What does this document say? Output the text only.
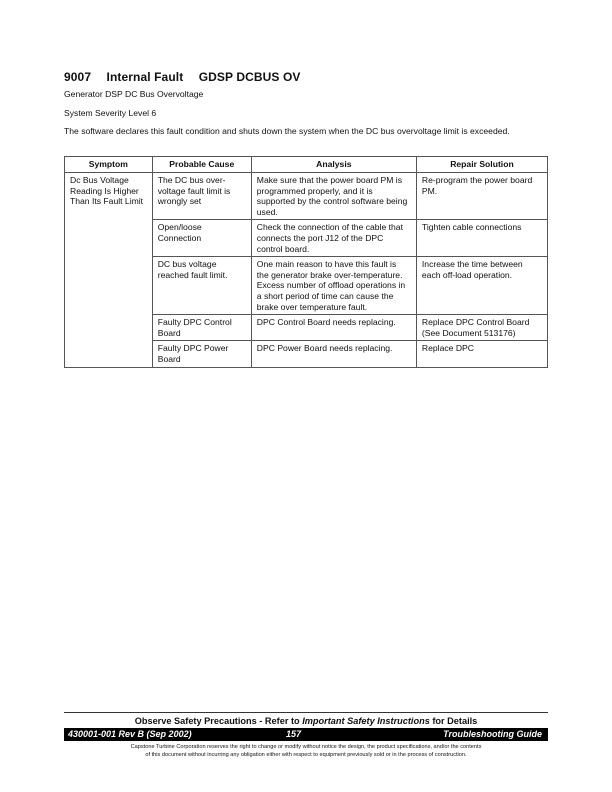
9007 Internal Fault GDSP DCBUS OV
Generator DSP DC Bus Overvoltage
System Severity Level 6
The software declares this fault condition and shuts down the system when the DC bus overvoltage limit is exceeded.
Symptom	Probable Cause	Analysis	Repair Solution
Dc Bus Voltage Reading Is Higher Than Its Fault Limit	The DC bus over-voltage fault limit is wrongly set	Make sure that the power board PM is programmed properly, and it is supported by the control software being used.	Re-program the power board PM.
	Open/loose Connection	Check the connection of the cable that connects the port J12 of the DPC control board.	Tighten cable connections
	DC bus voltage reached fault limit.	One main reason to have this fault is the generator brake over-temperature. Excess number of offload operations in a short period of time can cause the brake over temperature fault.	Increase the time between each off-load operation.
	Faulty DPC Control Board	DPC Control Board needs replacing.	Replace DPC Control Board (See Document 513176)
	Faulty DPC Power Board	DPC Power Board needs replacing.	Replace DPC
Observe Safety Precautions - Refer to Important Safety Instructions for Details
430001-001 Rev B (Sep 2002)	157	Troubleshooting Guide
Capstone Turbine Corporation reserves the right to change or modify without notice the design, the product specifications, and/or the contents
of this document without incurring any obligation either with respect to equipment previously sold or in the process of construction.
